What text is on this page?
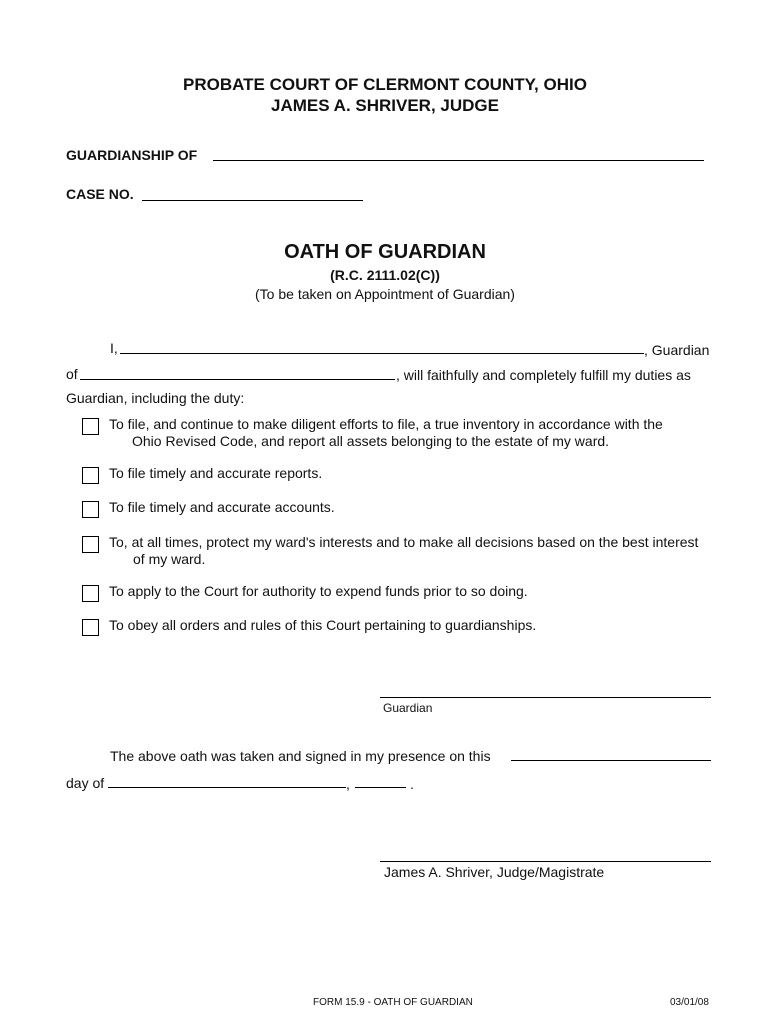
PROBATE COURT OF CLERMONT COUNTY, OHIO
JAMES A. SHRIVER, JUDGE
GUARDIANSHIP OF
CASE NO.
OATH OF GUARDIAN
(R.C. 2111.02(C))
(To be taken on Appointment of Guardian)
I,	, Guardian
of	, will faithfully and completely fulfill my duties as
Guardian, including the duty:
To file, and continue to make diligent efforts to file, a true inventory in accordance with the
Ohio Revised Code, and report all assets belonging to the estate of my ward.
To file timely and accurate reports.
To file timely and accurate accounts.
To, at all times, protect my ward's interests and to make all decisions based on the best interest
of my ward.
To apply to the Court for authority to expend funds prior to so doing.
To obey all orders and rules of this Court pertaining to guardianships.
Guardian
The above oath was taken and signed in my presence on this
day of	,	.
James A. Shriver, Judge/Magistrate
FORM 15.9 - OATH OF GUARDIAN	03/01/08
